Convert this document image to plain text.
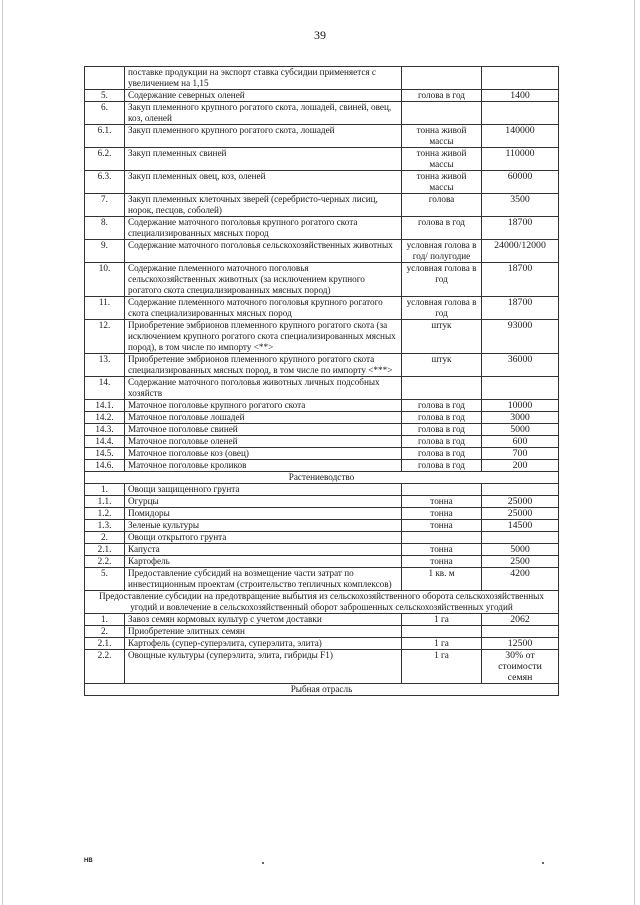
39
	поставке продукции на экспорт ставка субсидии применяется с увеличением на 1,15		
5.	Содержание северных оленей	голова в год	1400
6.	Закуп племенного крупного рогатого скота, лошадей, свиней, овец, коз, оленей		
6.1.	Закуп племенного крупного рогатого скота, лошадей	тонна живой массы	140000
6.2.	Закуп племенных свиней	тонна живой массы	110000
6.3.	Закуп племенных овец, коз, оленей	тонна живой массы	60000
7.	Закуп племенных клеточных зверей (серебристо-черных лисиц, норок, песцов, соболей)	голова	3500
8.	Содержание маточного поголовья крупного рогатого скота специализированных мясных пород	голова в год	18700
9.	Содержание маточного поголовья сельскохозяйственных животных	условная голова в год/ полугодие	24000/12000
10.	Содержание племенного маточного поголовья сельскохозяйственных животных (за исключением крупного рогатого скота специализированных мясных пород)	условная голова в год	18700
11.	Содержание племенного маточного поголовья крупного рогатого скота специализированных мясных пород	условная голова в год	18700
12.	Приобретение эмбрионов племенного крупного рогатого скота (за исключением крупного рогатого скота специализированных мясных пород), в том числе по импорту <**>	штук	93000
13.	Приобретение эмбрионов племенного крупного рогатого скота специализированных мясных пород, в том числе по импорту <***>	штук	36000
14.	Содержание маточного поголовья животных личных подсобных хозяйств		
14.1.	Маточное поголовье крупного рогатого скота	голова в год	10000
14.2.	Маточное поголовье лошадей	голова в год	3000
14.3.	Маточное поголовье свиней	голова в год	5000
14.4.	Маточное поголовье оленей	голова в год	600
14.5.	Маточное поголовье коз (овец)	голова в год	700
14.6.	Маточное поголовье кроликов	голова в год	200
Растениеводство			
1.	Овощи защищенного грунта		
1.1.	Огурцы	тонна	25000
1.2.	Помидоры	тонна	25000
1.3.	Зеленые культуры	тонна	14500
2.	Овощи открытого грунта		
2.1.	Капуста	тонна	5000
2.2.	Картофель	тонна	2500
5.	Предоставление субсидий на возмещение части затрат по инвестиционным проектам (строительство тепличных комплексов)	1 кв. м	4200
Предоставление субсидии на предотвращение выбытия из сельскохозяйственного оборота сельскохозяйственных угодий и вовлечение в сельскохозяйственный оборот заброшенных сельскохозяйственных угодий			
1.	Завоз семян кормовых культур с учетом доставки	1 га	2062
2.	Приобретение элитных семян		
2.1.	Картофель (супер-суперэлита, суперэлита, элита)	1 га	12500
2.2.	Овощные культуры (суперэлита, элита, гибриды F1)	1 га	30% от стоимости семян
Рыбная отрасль			
НВ
